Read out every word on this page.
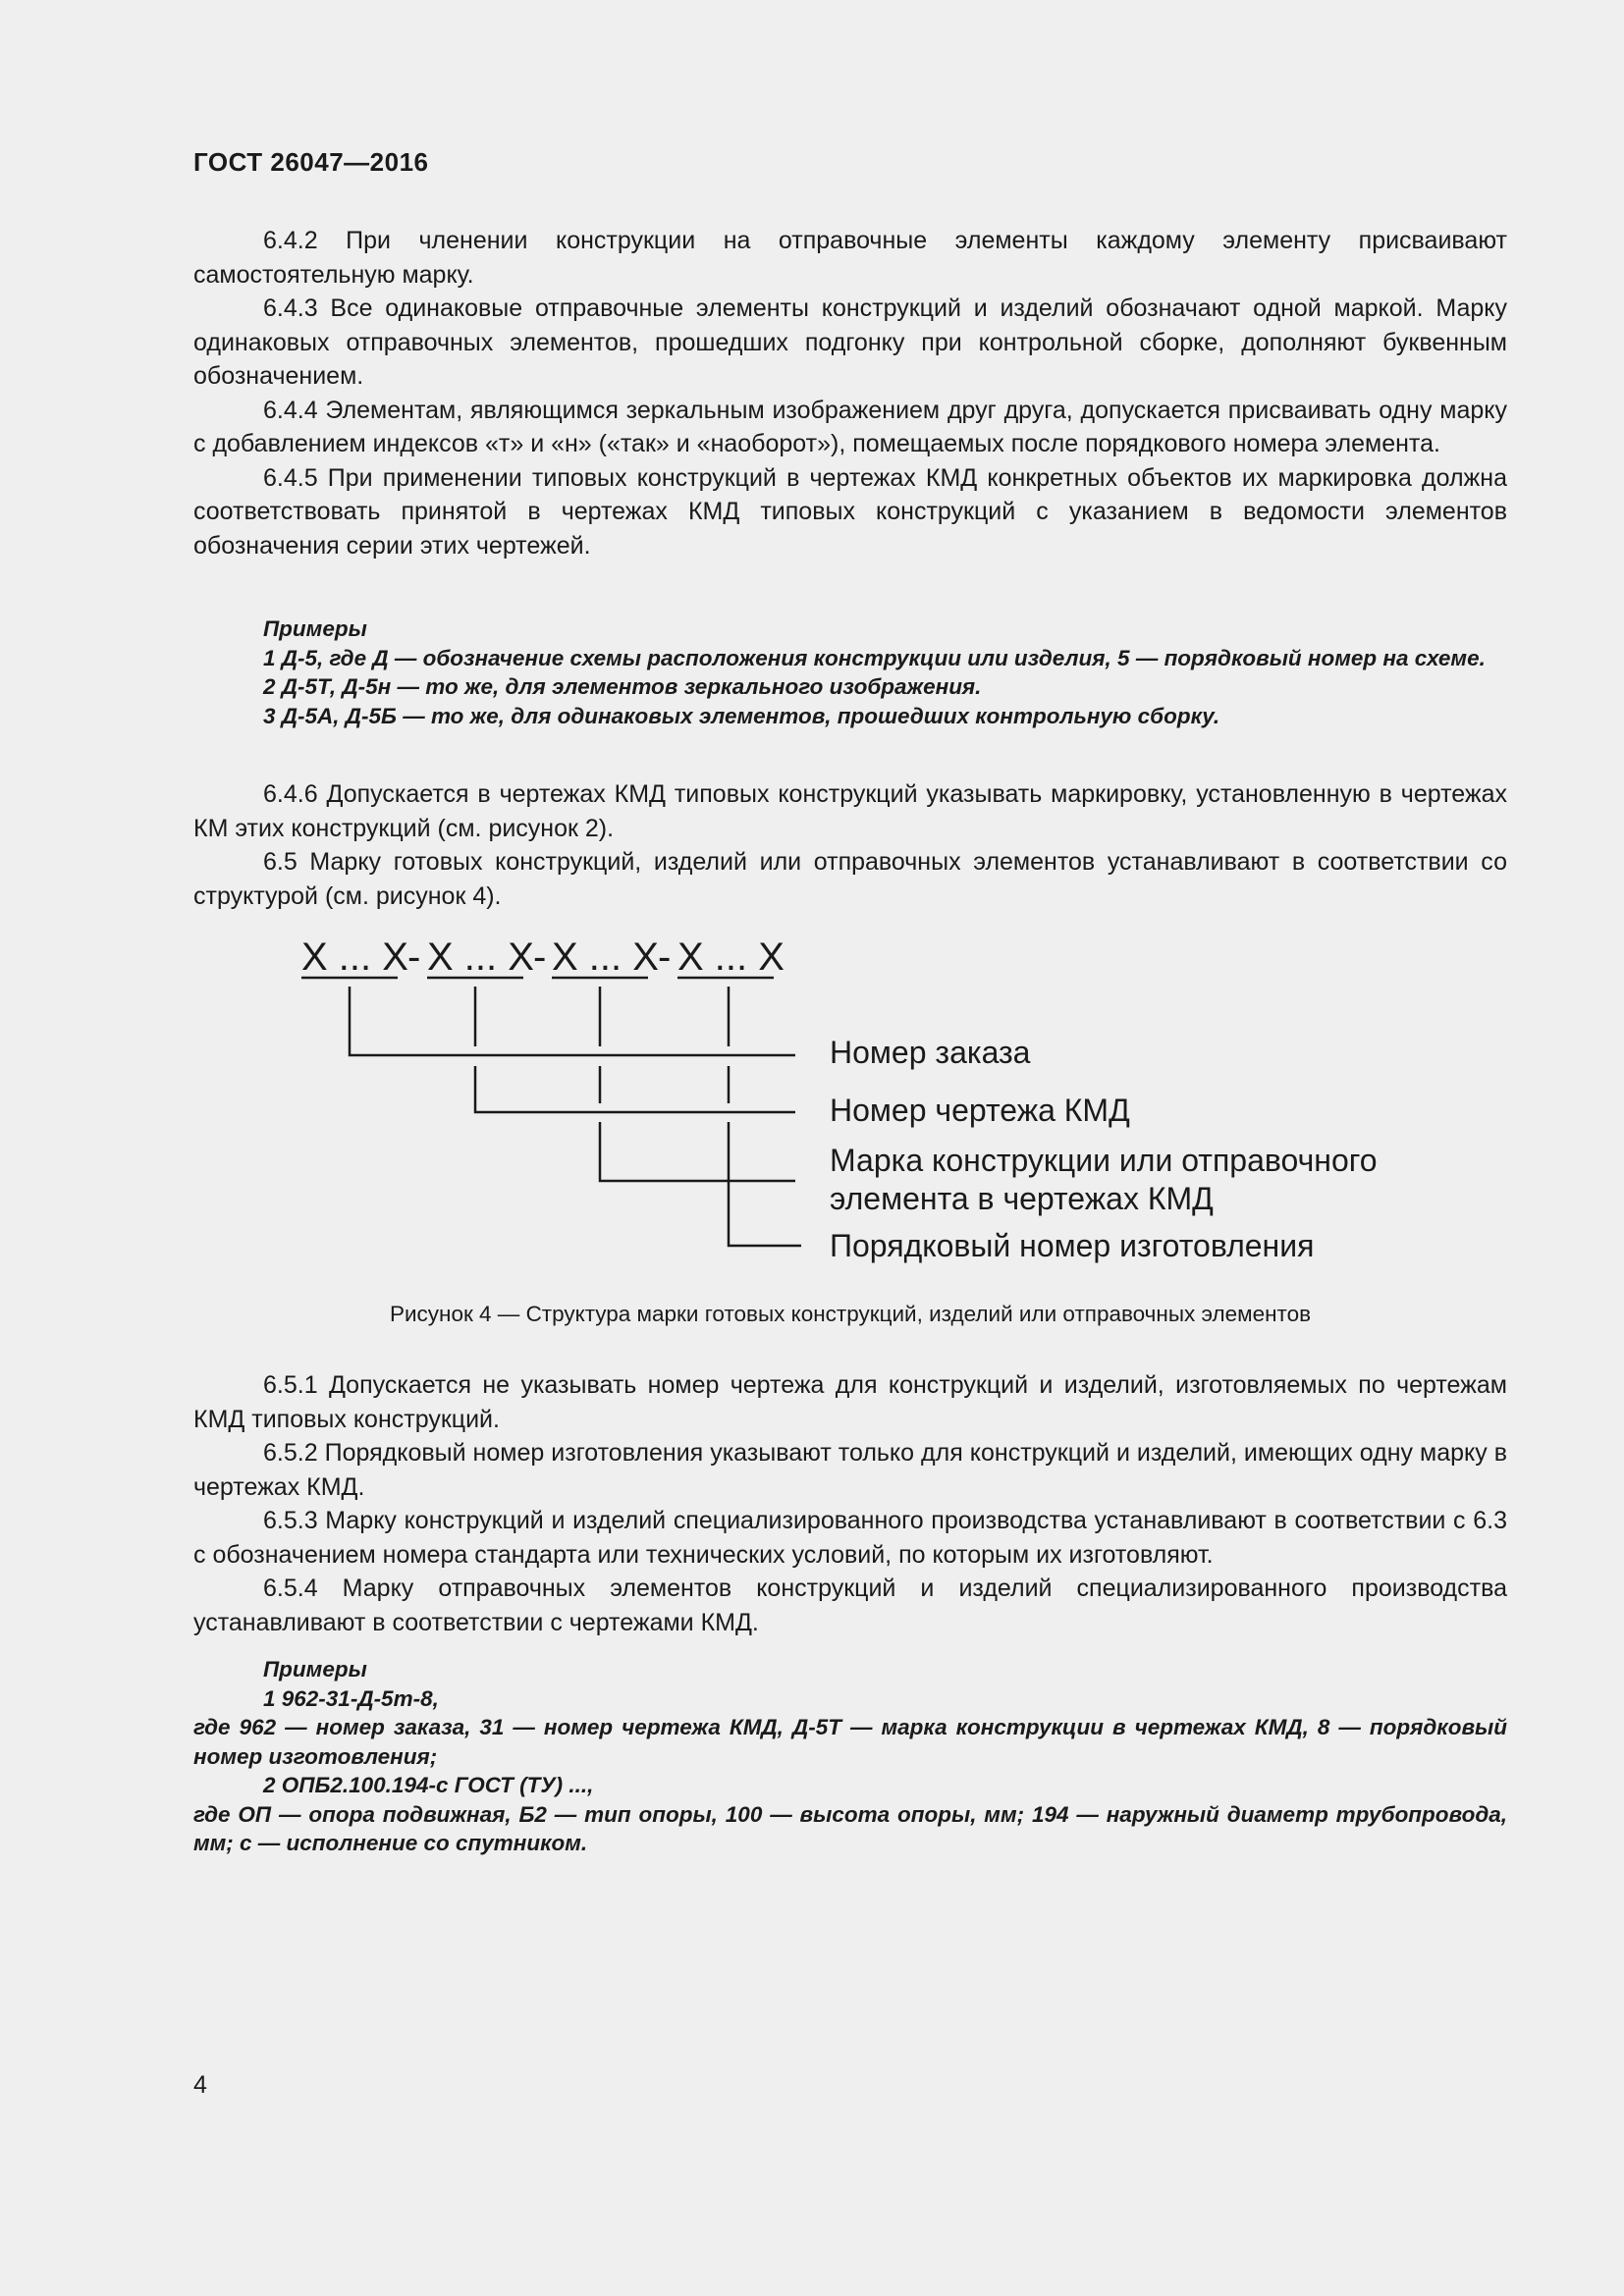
ГОСТ 26047—2016

6.4.2 При членении конструкции на отправочные элементы каждому элементу присваивают самостоятельную марку.

6.4.3 Все одинаковые отправочные элементы конструкций и изделий обозначают одной маркой. Марку одинаковых отправочных элементов, прошедших подгонку при контрольной сборке, дополняют буквенным обозначением.

6.4.4 Элементам, являющимся зеркальным изображением друг друга, допускается присваивать одну марку с добавлением индексов «т» и «н» («так» и «наоборот»), помещаемых после порядкового номера элемента.

6.4.5 При применении типовых конструкций в чертежах КМД конкретных объектов их маркировка должна соответствовать принятой в чертежах КМД типовых конструкций с указанием в ведомости элементов обозначения серии этих чертежей.

Примеры

1 Д-5, где Д — обозначение схемы расположения конструкции или изделия, 5 — порядковый номер на схеме.

2 Д-5Т, Д-5н — то же, для элементов зеркального изображения.

3 Д-5А, Д-5Б — то же, для одинаковых элементов, прошедших контрольную сборку.

6.4.6 Допускается в чертежах КМД типовых конструкций указывать маркировку, установленную в чертежах КМ этих конструкций (см. рисунок 2).

6.5 Марку готовых конструкций, изделий или отправочных элементов устанавливают в соответствии со структурой (см. рисунок 4).

X ... X X ... X X ... X X ... X
-	-	-
Номер заказа
Номер чертежа КМД
Марка конструкции или отправочного
элемента в чертежах КМД
Порядковый номер изготовления
Рисунок 4 — Структура марки готовых конструкций, изделий или отправочных элементов

6.5.1 Допускается не указывать номер чертежа для конструкций и изделий, изготовляемых по чертежам КМД типовых конструкций.

6.5.2 Порядковый номер изготовления указывают только для конструкций и изделий, имеющих одну марку в чертежах КМД.

6.5.3 Марку конструкций и изделий специализированного производства устанавливают в соответствии с 6.3 с обозначением номера стандарта или технических условий, по которым их изготовляют.

6.5.4 Марку отправочных элементов конструкций и изделий специализированного производства устанавливают в соответствии с чертежами КМД.

Примеры

1 962-31-Д-5т-8,

где 962 — номер заказа, 31 — номер чертежа КМД, Д-5Т — марка конструкции в чертежах КМД, 8 — порядковый номер изготовления;

2 ОПБ2.100.194-с ГОСТ (ТУ) ...,

где ОП — опора подвижная, Б2 — тип опоры, 100 — высота опоры, мм; 194 — наружный диаметр трубопровода, мм; с — исполнение со спутником.

4
